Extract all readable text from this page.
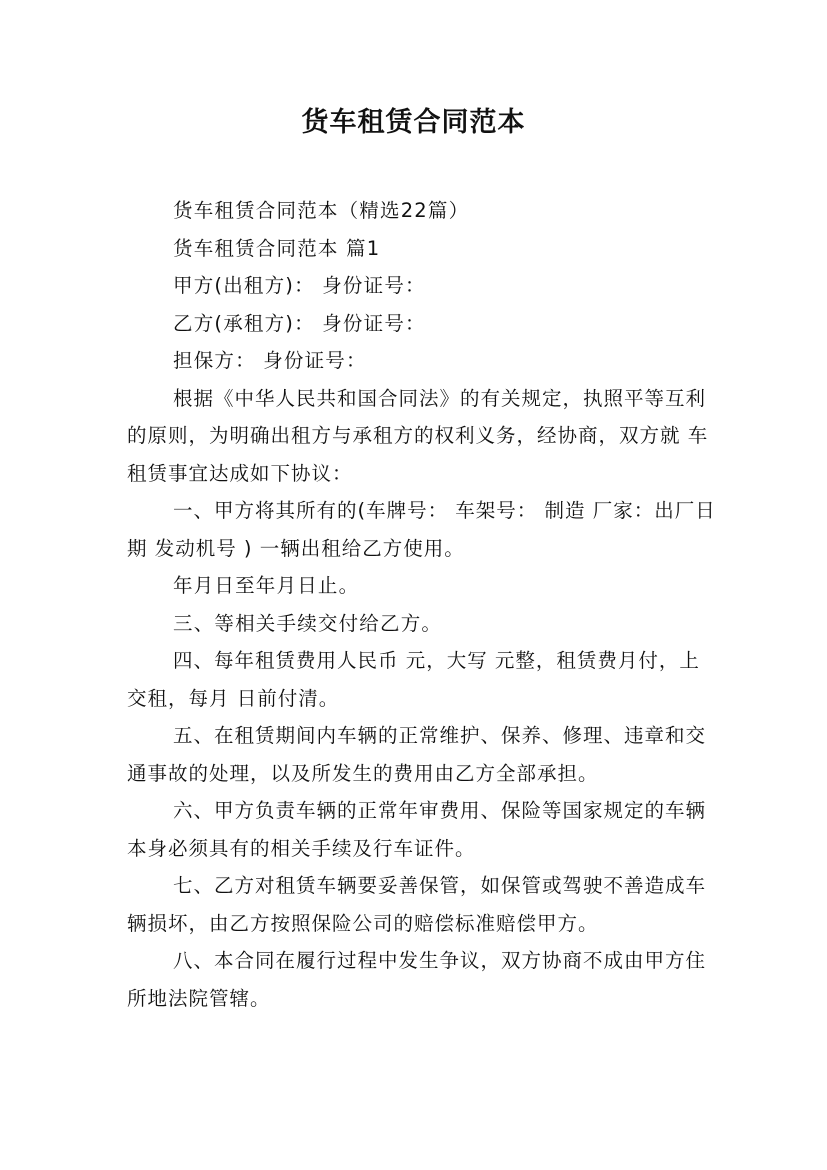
货车租赁合同范本

货车租赁合同范本（精选22篇）

货车租赁合同范本 篇1

甲方(出租方)： 身份证号：

乙方(承租方)： 身份证号：

担保方： 身份证号：

根据《中华人民共和国合同法》的有关规定，执照平等互利的原则，为明确出租方与承租方的权利义务，经协商，双方就 车租赁事宜达成如下协议：

一、甲方将其所有的(车牌号： 车架号： 制造 厂家：出厂日期 发动机号 ) 一辆出租给乙方使用。

年月日至年月日止。

三、等相关手续交付给乙方。

四、每年租赁费用人民币 元，大写 元整，租赁费月付，上交租，每月 日前付清。

五、在租赁期间内车辆的正常维护、保养、修理、违章和交通事故的处理，以及所发生的费用由乙方全部承担。

六、甲方负责车辆的正常年审费用、保险等国家规定的车辆本身必须具有的相关手续及行车证件。

七、乙方对租赁车辆要妥善保管，如保管或驾驶不善造成车辆损坏，由乙方按照保险公司的赔偿标准赔偿甲方。

八、本合同在履行过程中发生争议，双方协商不成由甲方住所地法院管辖。
